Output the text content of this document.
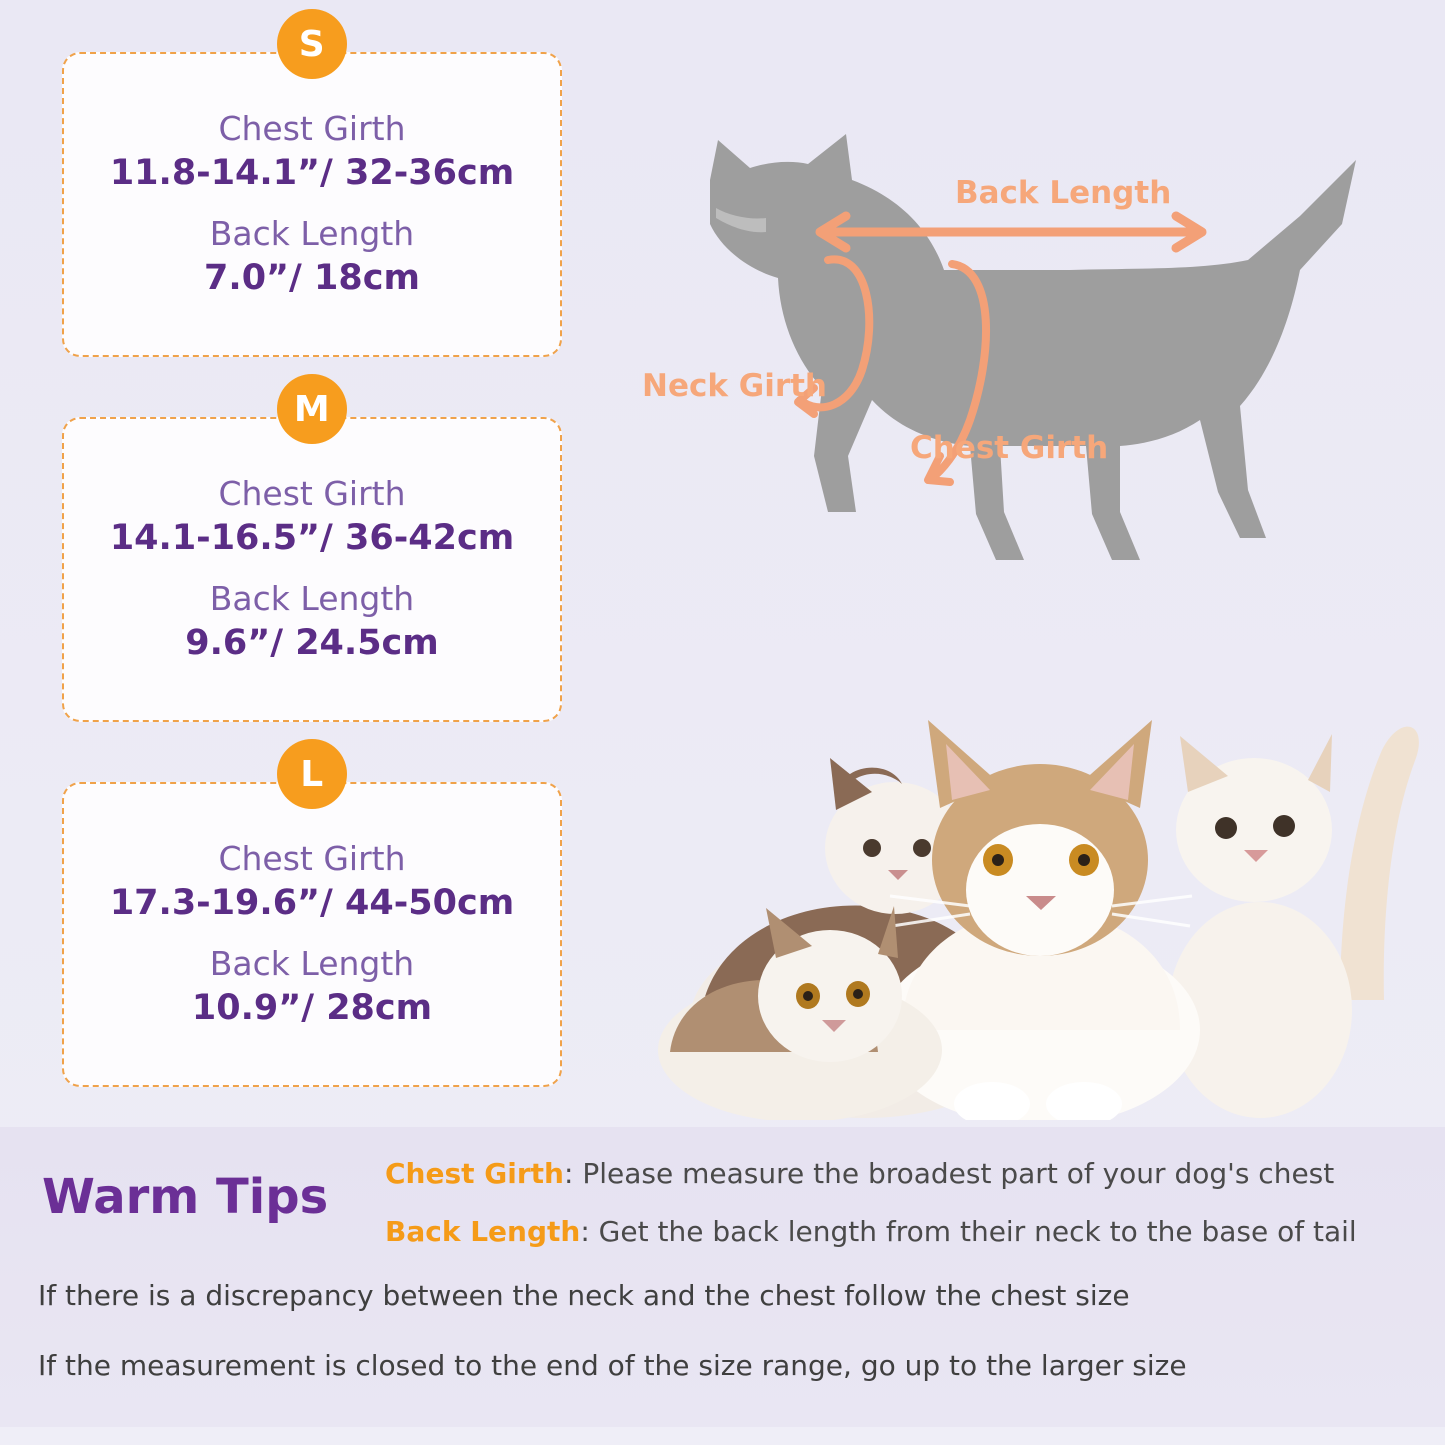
S
Chest Girth
11.8-14.1”/ 32-36cm
Back Length
7.0”/ 18cm
M
Chest Girth
14.1-16.5”/ 36-42cm
Back Length
9.6”/ 24.5cm
L
Chest Girth
17.3-19.6”/ 44-50cm
Back Length
10.9”/ 28cm
Back Length
Neck Girth
Chest Girth
Warm Tips Chest Girth: Please measure the broadest part of your dog's chest
Back Length: Get the back length from their neck to the base of tail
If there is a discrepancy between the neck and the chest follow the chest size
If the measurement is closed to the end of the size range, go up to the larger size
